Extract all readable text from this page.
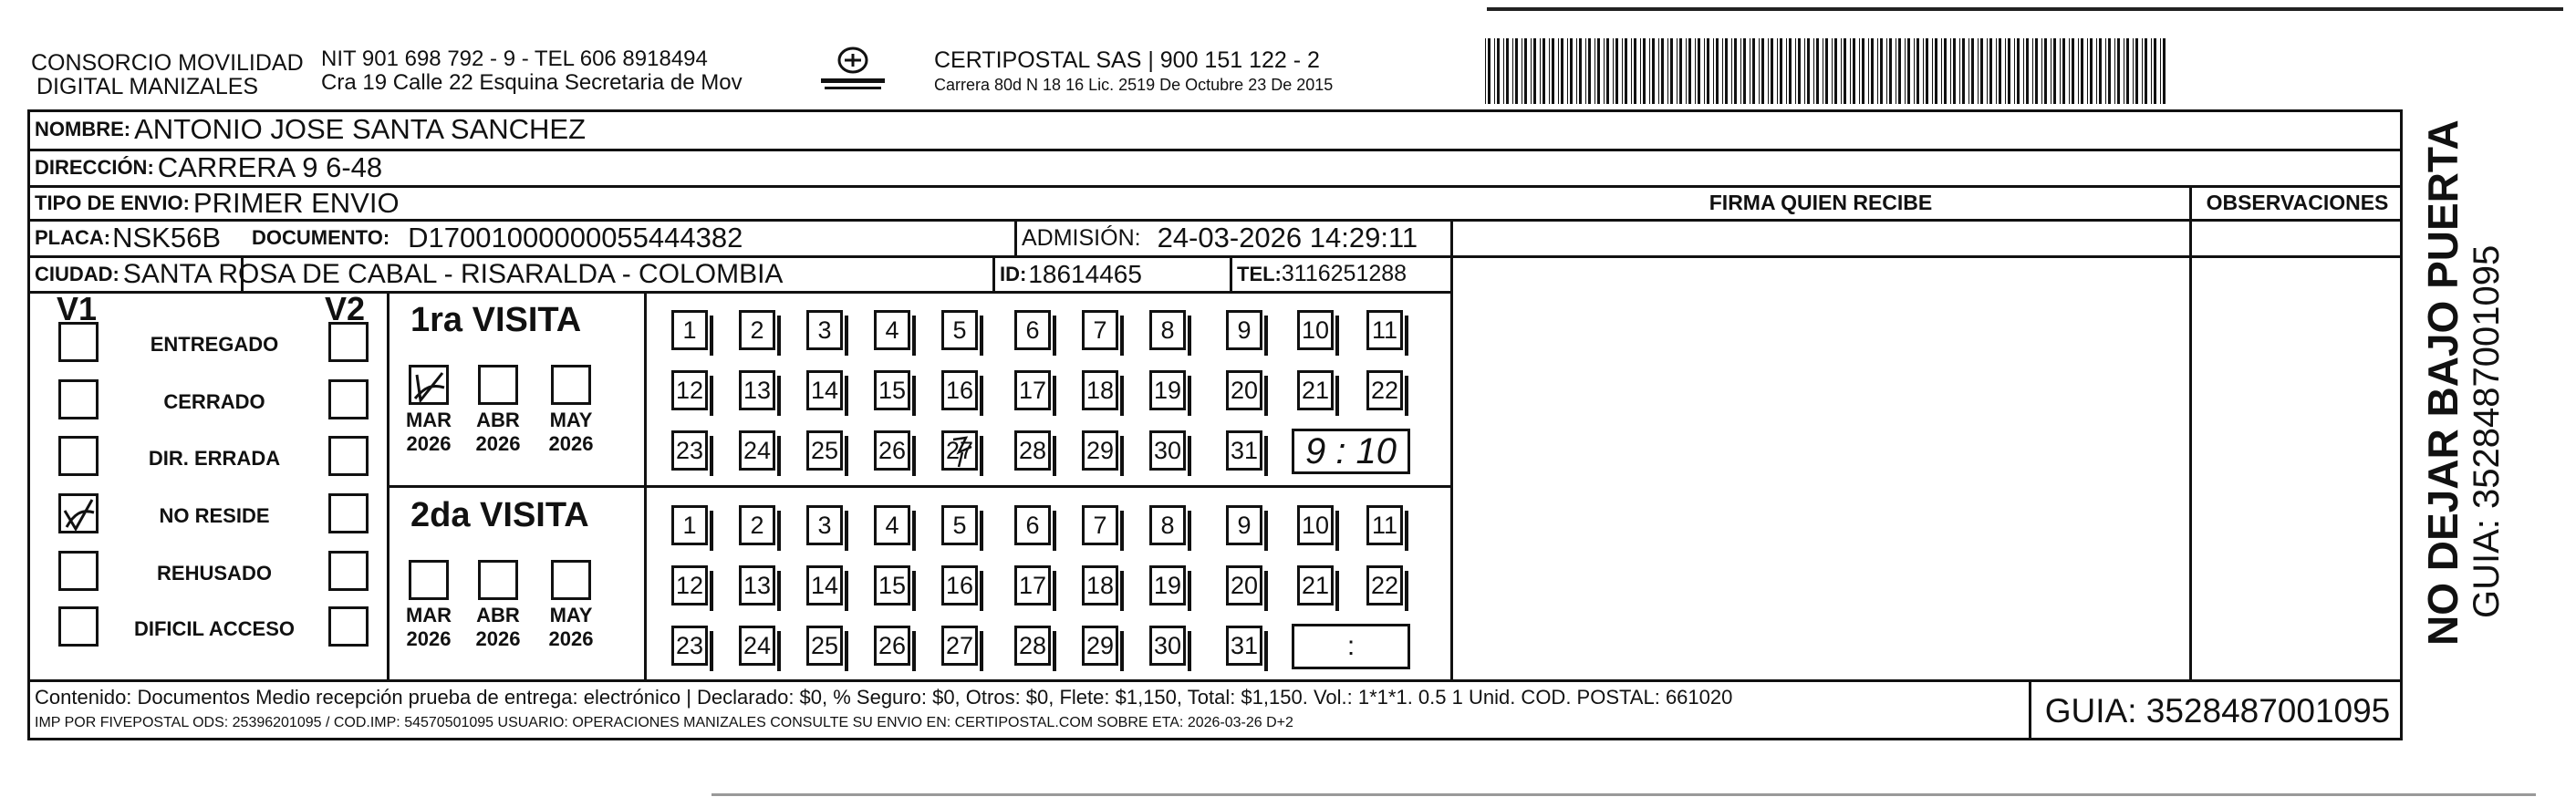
CONSORCIO MOVILIDAD
DIGITAL MANIZALES
NIT 901 698 792 - 9 - TEL 606 8918494
Cra 19 Calle 22 Esquina Secretaria de Mov
CERTIPOSTAL SAS | 900 151 122 - 2
Carrera 80d N 18 16 Lic. 2519 De Octubre 23 De 2015
NOMBRE: ANTONIO JOSE SANTA SANCHEZ
DIRECCIÓN: CARRERA 9 6-48
TIPO DE ENVIO: PRIMER ENVIO	FIRMA QUIEN RECIBE	OBSERVACIONES
PLACA: NSK56B DOCUMENTO: D17001000000055444382	ADMISIÓN: 24-03-2026 14:29:11
CIUDAD: SANTA ROSA DE CABAL - RISARALDA - COLOMBIA	ID: 18614465	TEL: 3116251288
V1	V2
ENTREGADO
CERRADO
DIR. ERRADA
NO RESIDE
REHUSADO
DIFICIL ACCESO
1ra VISITA
MAR
2026
ABR
2026
MAY
2026
1 2 3 4 5 6 7 8	9 10 11
12 13 14 15 16 17 18 19 20 21 22
23 24 25 26 27 28 29 30 31 9 : 10
2da VISITA
MAR
2026
ABR
2026
MAY
2026
1 2 3 4 5 6 7 8	9 10 11
12 13 14 15 16 17 18 19 20 21 22
23 24 25 26 27 28 29 30 31	:
Contenido: Documentos Medio recepción prueba de entrega: electrónico | Declarado: $0, % Seguro: $0, Otros: $0, Flete: $1,150, Total: $1,150. Vol.: 1*1*1. 0.5 1 Unid. COD. POSTAL: 661020
IMP POR FIVEPOSTAL ODS: 25396201095 / COD.IMP: 54570501095 USUARIO: OPERACIONES MANIZALES CONSULTE SU ENVIO EN: CERTIPOSTAL.COM SOBRE ETA: 2026-03-26 D+2	GUIA: 3528487001095
NO DEJAR BAJO PUERTA GUIA: 3528487001095
